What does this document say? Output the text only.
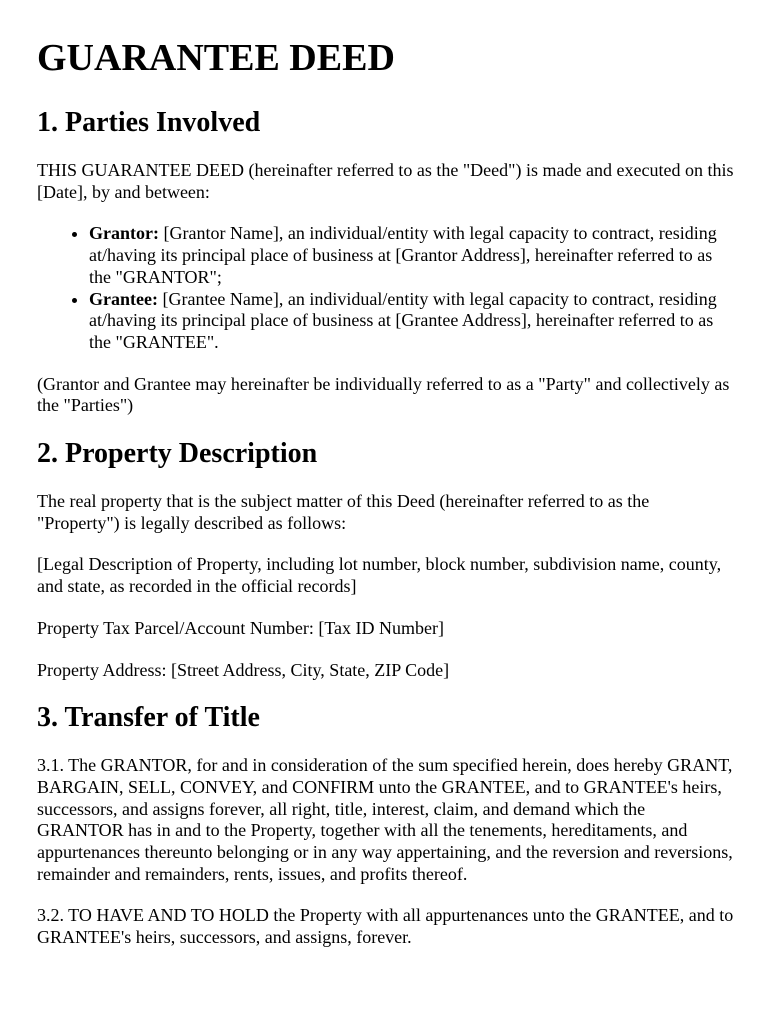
GUARANTEE DEED
1. Parties Involved

THIS GUARANTEE DEED (hereinafter referred to as the "Deed") is made and executed on this [Date], by and between:

• Grantor: [Grantor Name], an individual/entity with legal capacity to contract, residing at/having its principal place of business at [Grantor Address], hereinafter referred to as the "GRANTOR";
• Grantee: [Grantee Name], an individual/entity with legal capacity to contract, residing at/having its principal place of business at [Grantee Address], hereinafter referred to as the "GRANTEE".

(Grantor and Grantee may hereinafter be individually referred to as a "Party" and collectively as the "Parties")

2. Property Description

The real property that is the subject matter of this Deed (hereinafter referred to as the "Property") is legally described as follows:

[Legal Description of Property, including lot number, block number, subdivision name, county, and state, as recorded in the official records]

Property Tax Parcel/Account Number: [Tax ID Number]

Property Address: [Street Address, City, State, ZIP Code]

3. Transfer of Title

3.1. The GRANTOR, for and in consideration of the sum specified herein, does hereby GRANT, BARGAIN, SELL, CONVEY, and CONFIRM unto the GRANTEE, and to GRANTEE's heirs, successors, and assigns forever, all right, title, interest, claim, and demand which the GRANTOR has in and to the Property, together with all the tenements, hereditaments, and appurtenances thereunto belonging or in any way appertaining, and the reversion and reversions, remainder and remainders, rents, issues, and profits thereof.

3.2. TO HAVE AND TO HOLD the Property with all appurtenances unto the GRANTEE, and to GRANTEE's heirs, successors, and assigns, forever.
